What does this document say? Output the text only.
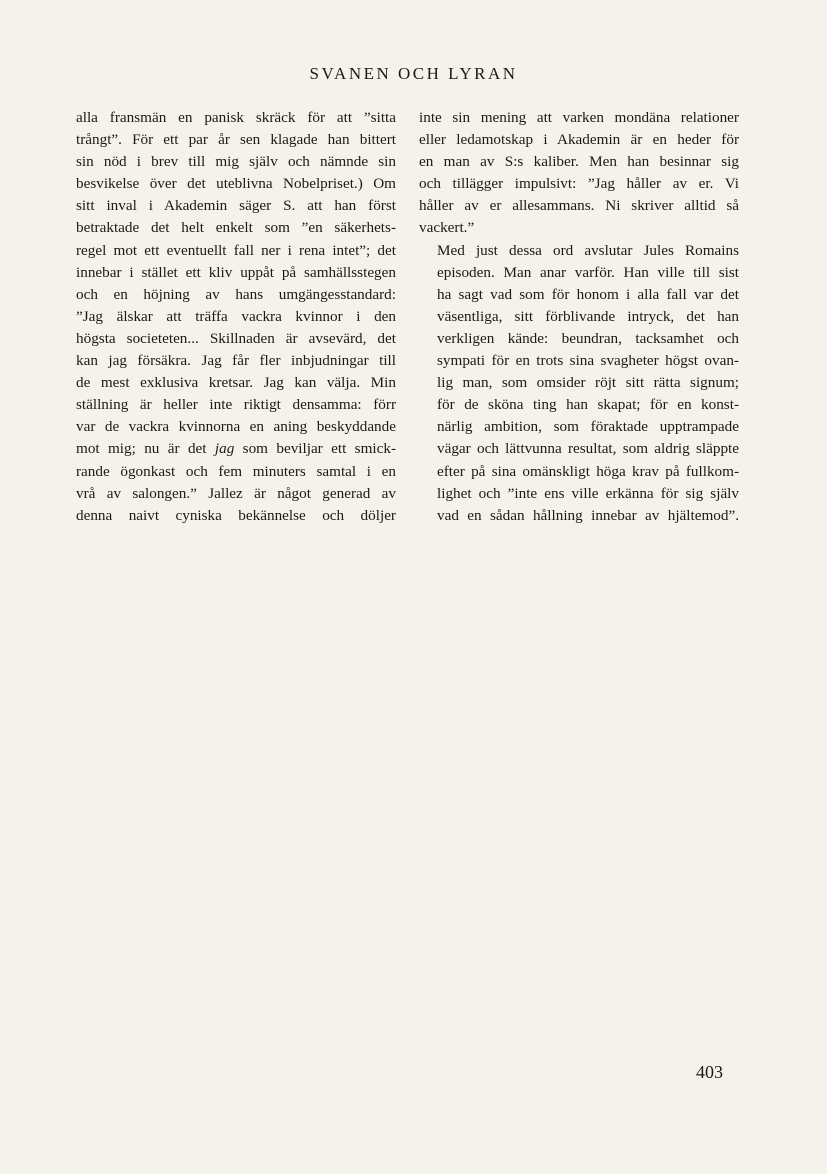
SVANEN OCH LYRAN
alla fransmän en panisk skräck för att ”sitta
trångt”. För ett par år sen klagade han bittert
sin nöd i brev till mig själv och nämnde sin
besvikelse över det uteblivna Nobelpriset.) Om
sitt inval i Akademin säger S. att han först
betraktade det helt enkelt som ”en säkerhets-
regel mot ett eventuellt fall ner i rena intet”; det
innebar i stället ett kliv uppåt på samhällsstegen
och en höjning av hans umgängesstandard:
”Jag älskar att träffa vackra kvinnor i den
högsta societeten... Skillnaden är avsevärd, det
kan jag försäkra. Jag får fler inbjudningar till
de mest exklusiva kretsar. Jag kan välja. Min
ställning är heller inte riktigt densamma: förr
var de vackra kvinnorna en aning beskyddande
mot mig; nu är det jag som beviljar ett smick-
rande ögonkast och fem minuters samtal i en
vrå av salongen.” Jallez är något generad av
denna naivt cyniska bekännelse och döljer
inte sin mening att varken mondäna relationer
eller ledamotskap i Akademin är en heder för
en man av S:s kaliber. Men han besinnar sig
och tillägger impulsivt: ”Jag håller av er. Vi
håller av er allesammans. Ni skriver alltid så
vackert.”
Med just dessa ord avslutar Jules Romains
episoden. Man anar varför. Han ville till sist
ha sagt vad som för honom i alla fall var det
väsentliga, sitt förblivande intryck, det han
verkligen kände: beundran, tacksamhet och
sympati för en trots sina svagheter högst ovan-
lig man, som omsider röjt sitt rätta signum;
för de sköna ting han skapat; för en konst-
närlig ambition, som föraktade upptrampade
vägar och lättvunna resultat, som aldrig släppte
efter på sina omänskligt höga krav på fullkom-
lighet och ”inte ens ville erkänna för sig själv
vad en sådan hållning innebar av hjältemod”.
403
